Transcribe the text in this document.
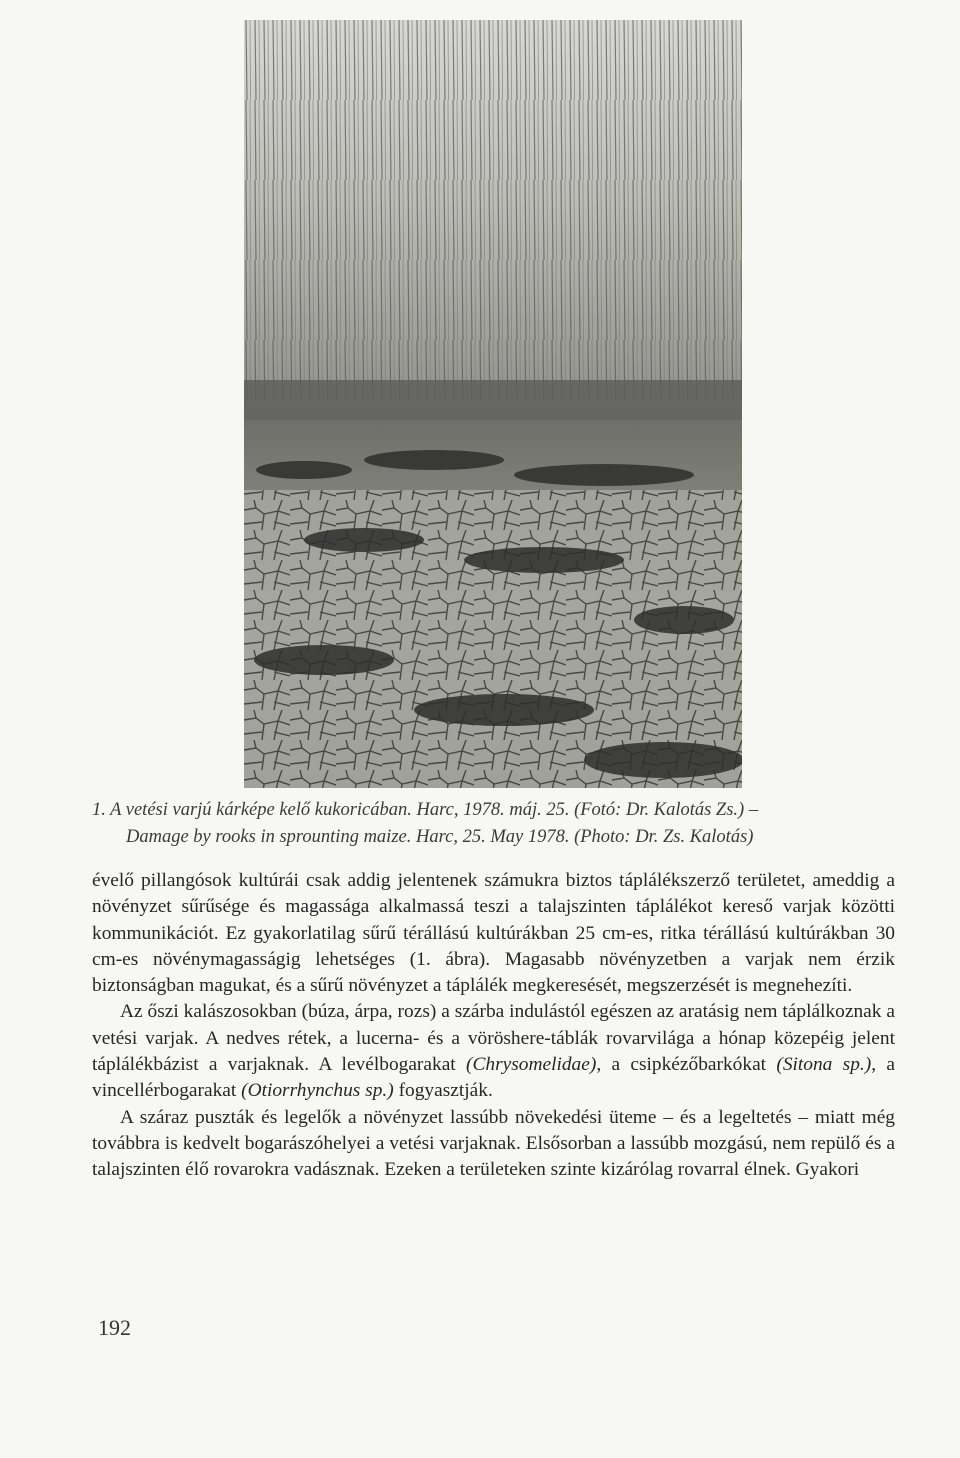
1. A vetési varjú kárképe kelő kukoricában. Harc, 1978. máj. 25. (Fotó: Dr. Kalotás Zs.) –
Damage by rooks in sprounting maize. Harc, 25. May 1978. (Photo: Dr. Zs. Kalotás)

évelő pillangósok kultúrái csak addig jelentenek számukra biztos táplálékszerző területet, ameddig a növényzet sűrűsége és magassága alkalmassá teszi a talajszinten táplálékot kereső varjak közötti kommunikációt. Ez gyakorlatilag sűrű térállású kultúrákban 25 cm-es, ritka térállású kultúrákban 30 cm-es növénymagasságig lehetséges (1. ábra). Magasabb növényzetben a varjak nem érzik biztonságban magukat, és a sűrű növényzet a táplálék megkeresését, megszerzését is megnehezíti.

Az őszi kalászosokban (búza, árpa, rozs) a szárba indulástól egészen az aratásig nem táplálkoznak a vetési varjak. A nedves rétek, a lucerna- és a vöröshere-táblák rovarvilága a hónap közepéig jelent táplálékbázist a varjaknak. A levélbogarakat (Chrysomelidae), a csipkézőbarkókat (Sitona sp.), a vincellérbogarakat (Otiorrhynchus sp.) fogyasztják.

A száraz puszták és legelők a növényzet lassúbb növekedési üteme – és a legeltetés – miatt még továbbra is kedvelt bogarászóhelyei a vetési varjaknak. Elsősorban a lassúbb mozgású, nem repülő és a talajszinten élő rovarokra vadásznak. Ezeken a területeken szinte kizárólag rovarral élnek. Gyakori

192
